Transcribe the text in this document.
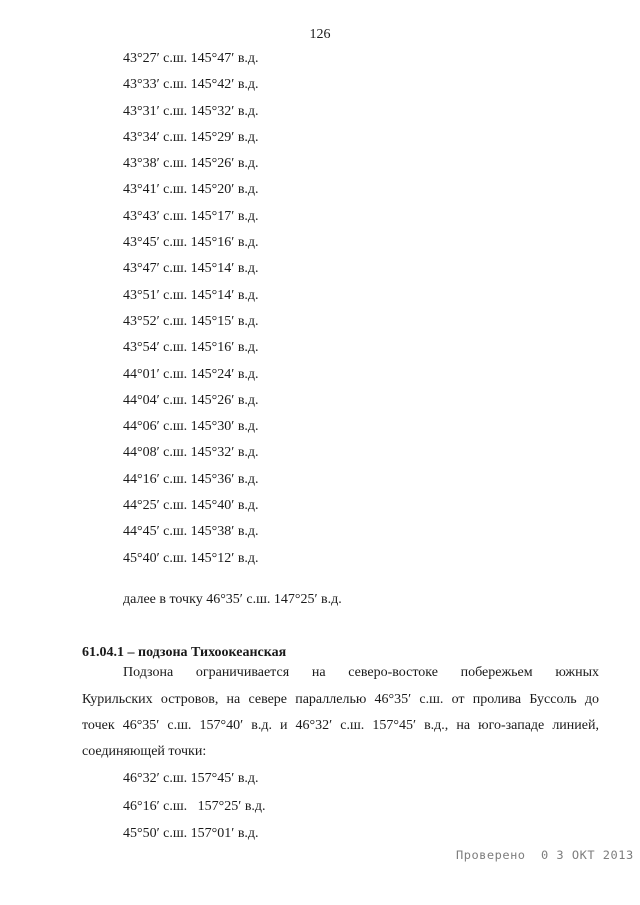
126
43°27′ с.ш. 145°47′ в.д.
43°33′ с.ш. 145°42′ в.д.
43°31′ с.ш. 145°32′ в.д.
43°34′ с.ш. 145°29′ в.д.
43°38′ с.ш. 145°26′ в.д.
43°41′ с.ш. 145°20′ в.д.
43°43′ с.ш. 145°17′ в.д.
43°45′ с.ш. 145°16′ в.д.
43°47′ с.ш. 145°14′ в.д.
43°51′ с.ш. 145°14′ в.д.
43°52′ с.ш. 145°15′ в.д.
43°54′ с.ш. 145°16′ в.д.
44°01′ с.ш. 145°24′ в.д.
44°04′ с.ш. 145°26′ в.д.
44°06′ с.ш. 145°30′ в.д.
44°08′ с.ш. 145°32′ в.д.
44°16′ с.ш. 145°36′ в.д.
44°25′ с.ш. 145°40′ в.д.
44°45′ с.ш. 145°38′ в.д.
45°40′ с.ш. 145°12′ в.д.
далее в точку 46°35′ с.ш. 147°25′ в.д.
61.04.1 – подзона Тихоокеанская
Подзона ограничивается на северо-востоке побережьем южных
Курильских островов, на севере параллелью 46°35′ с.ш. от пролива Буссоль до
точек 46°35′ с.ш. 157°40′ в.д. и 46°32′ с.ш. 157°45′ в.д., на юго-западе линией,
соединяющей точки:
46°32′ с.ш. 157°45′ в.д.
46°16′ с.ш.   157°25′ в.д.
45°50′ с.ш. 157°01′ в.д.
Проверено  0 3 ОКТ 2013
